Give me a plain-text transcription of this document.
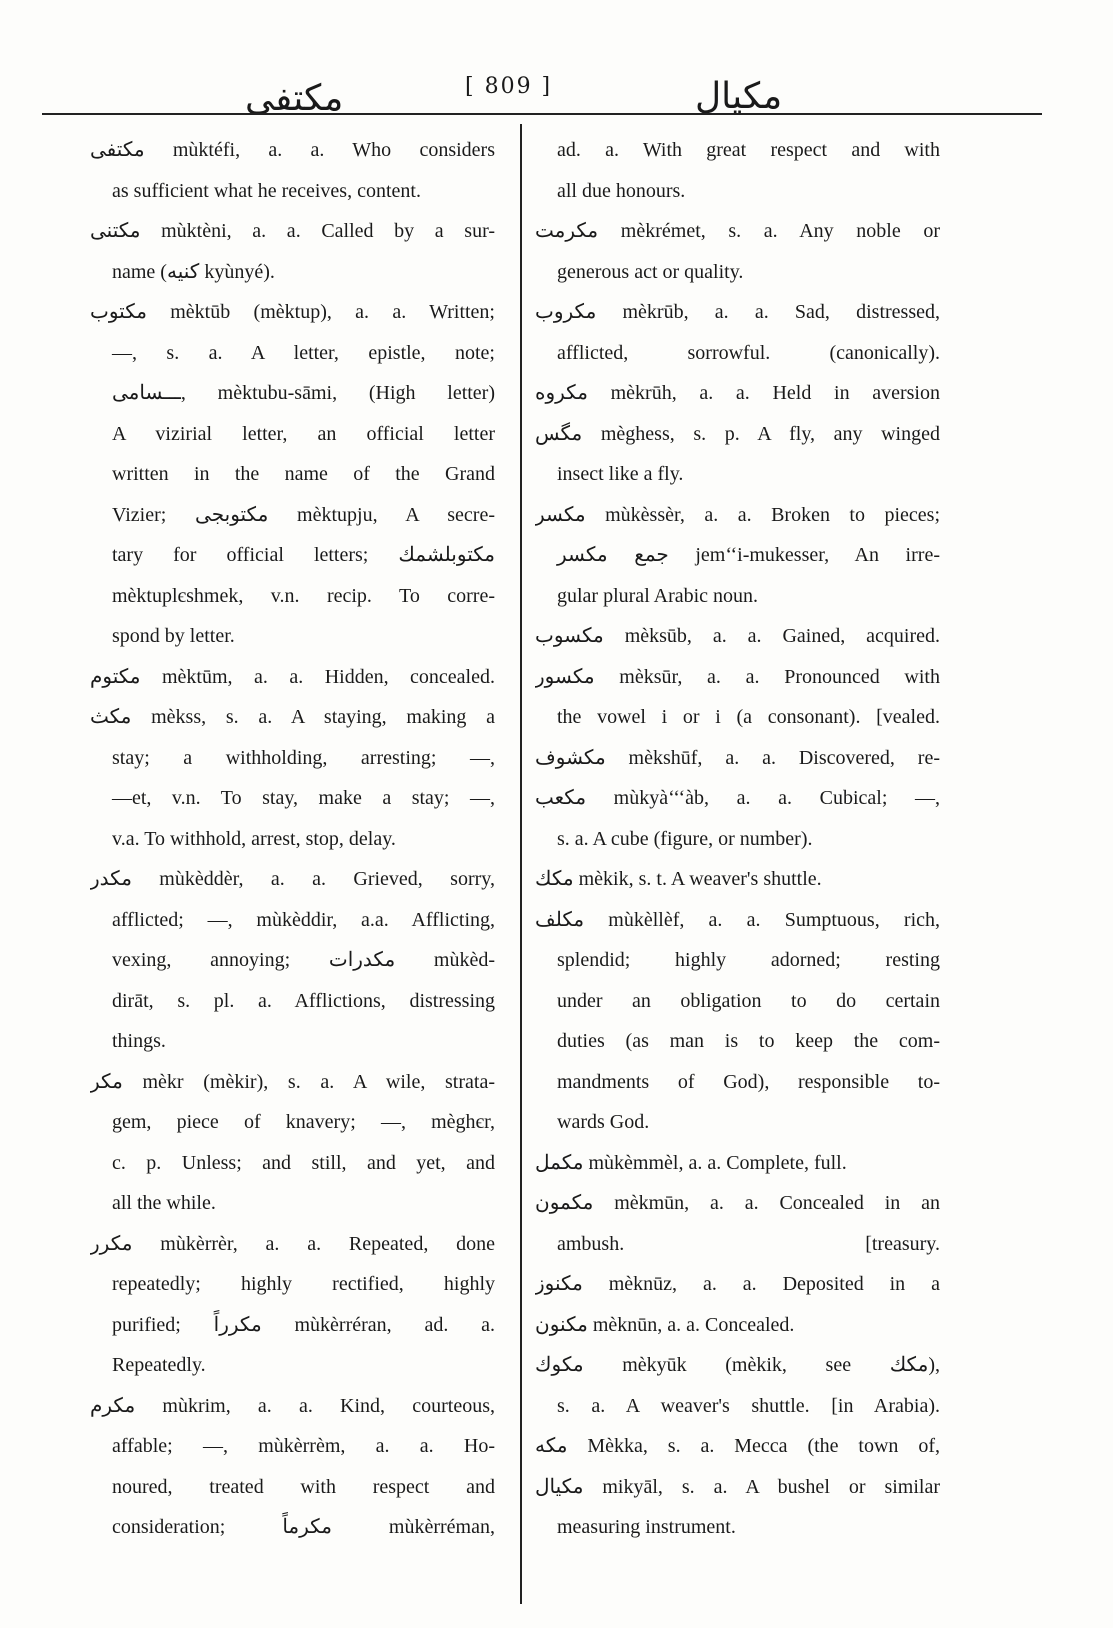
مکتفی	[ 809 ]	مکیال
مکتفی mùktéfi, a. a. Who considers
as sufficient what he receives, content.
مکتنی mùktèni, a. a. Called by a sur-
name (کنیه kyùnyé).
مکتوب mèktūb (mèktup), a. a. Written;
—, s. a. A letter, epistle, note;
ـــسامی, mèktubu-sāmi, (High letter)
A vizirial letter, an official letter
written in the name of the Grand
Vizier; مکتوبجی mèktupju, A secre-
tary for official letters; مکتوبلشمك
mèktuplєshmek, v.n. recip. To corre-
spond by letter.
مکتوم mèktūm, a. a. Hidden, concealed.
مکث mèkss, s. a. A staying, making a
stay; a withholding, arresting; —,
—et, v.n. To stay, make a stay; —,
v.a. To withhold, arrest, stop, delay.
مکدر mùkèddèr, a. a. Grieved, sorry,
afflicted; —, mùkèddir, a.a. Afflicting,
vexing, annoying; مکدرات mùkèd-
dirāt, s. pl. a. Afflictions, distressing
things.
مکر mèkr (mèkir), s. a. A wile, strata-
gem, piece of knavery; —, mèghєr,
c. p. Unless; and still, and yet, and
all the while.
مکرر mùkèrrèr, a. a. Repeated, done
repeatedly; highly rectified, highly
purified; مکرراً mùkèrréran, ad. a.
Repeatedly.
مکرم mùkrim, a. a. Kind, courteous,
affable; —, mùkèrrèm, a. a. Ho-
noured, treated with respect and
consideration; مکرماً mùkèrréman,
ad. a. With great respect and with
all due honours.
مکرمت mèkrémet, s. a. Any noble or
generous act or quality.
مکروب mèkrūb, a. a. Sad, distressed,
afflicted, sorrowful. (canonically).
مکروه mèkrūh, a. a. Held in aversion
مگس mèghess, s. p. A fly, any winged
insect like a fly.
مکسر mùkèssèr, a. a. Broken to pieces;
جمع مکسر jem‘‘i-mukesser, An irre-
gular plural Arabic noun.
مکسوب mèksūb, a. a. Gained, acquired.
مکسور mèksūr, a. a. Pronounced with
the vowel i or i (a consonant). [vealed.
مکشوف mèkshūf, a. a. Discovered, re-
مکعب mùkyà‘‘‘àb, a. a. Cubical; —,
s. a. A cube (figure, or number).
مکك mèkik, s. t. A weaver's shuttle.
مکلف mùkèllèf, a. a. Sumptuous, rich,
splendid; highly adorned; resting
under an obligation to do certain
duties (as man is to keep the com-
mandments of God), responsible to-
wards God.
مکمل mùkèmmèl, a. a. Complete, full.
مکمون mèkmūn, a. a. Concealed in an
ambush. [treasury.
مکنوز mèknūz, a. a. Deposited in a
مکنون mèknūn, a. a. Concealed.
مکوك mèkyūk (mèkik, see مکك),
s. a. A weaver's shuttle. [in Arabia).
مکه Mèkka, s. a. Mecca (the town of,
مکیال mikyāl, s. a. A bushel or similar
measuring instrument.
